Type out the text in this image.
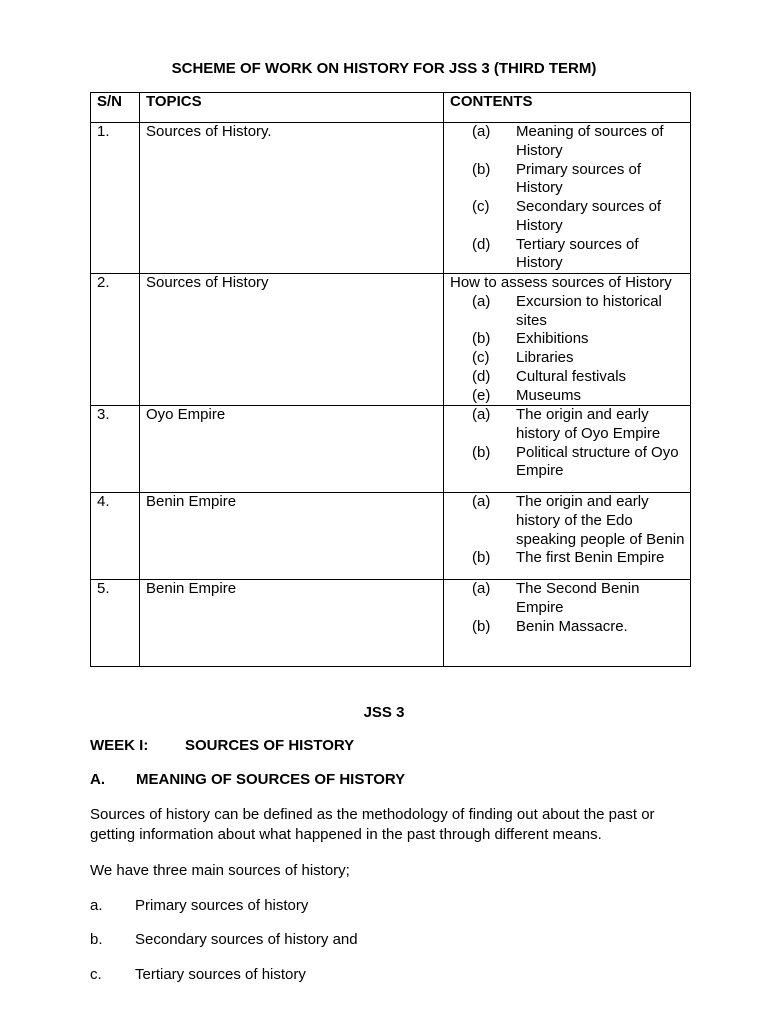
SCHEME OF WORK ON HISTORY FOR JSS 3 (THIRD TERM)
S/N	TOPICS	CONTENTS
1.	Sources of History.	(a)	Meaning of sources of
History
(b)	Primary sources of
History
(c)	Secondary sources of
History
(d)	Tertiary sources of
History
2.	Sources of History	How to assess sources of History
(a)	Excursion to historical
sites
(b)	Exhibitions
(c)	Libraries
(d)	Cultural festivals
(e)	Museums
3.	Oyo Empire	(a)	The origin and early
history of Oyo Empire
(b)	Political structure of Oyo
Empire
4.	Benin Empire	(a)	The origin and early
history of the Edo
speaking people of Benin
(b)	The first Benin Empire
5.	Benin Empire	(a)	The Second Benin
Empire
(b)	Benin Massacre.
JSS 3
WEEK I:	SOURCES OF HISTORY
A.	MEANING OF SOURCES OF HISTORY
Sources of history can be defined as the methodology of finding out about the past or getting information about what happened in the past through different means.
We have three main sources of history;
a.	Primary sources of history
b.	Secondary sources of history and
c.	Tertiary sources of history
